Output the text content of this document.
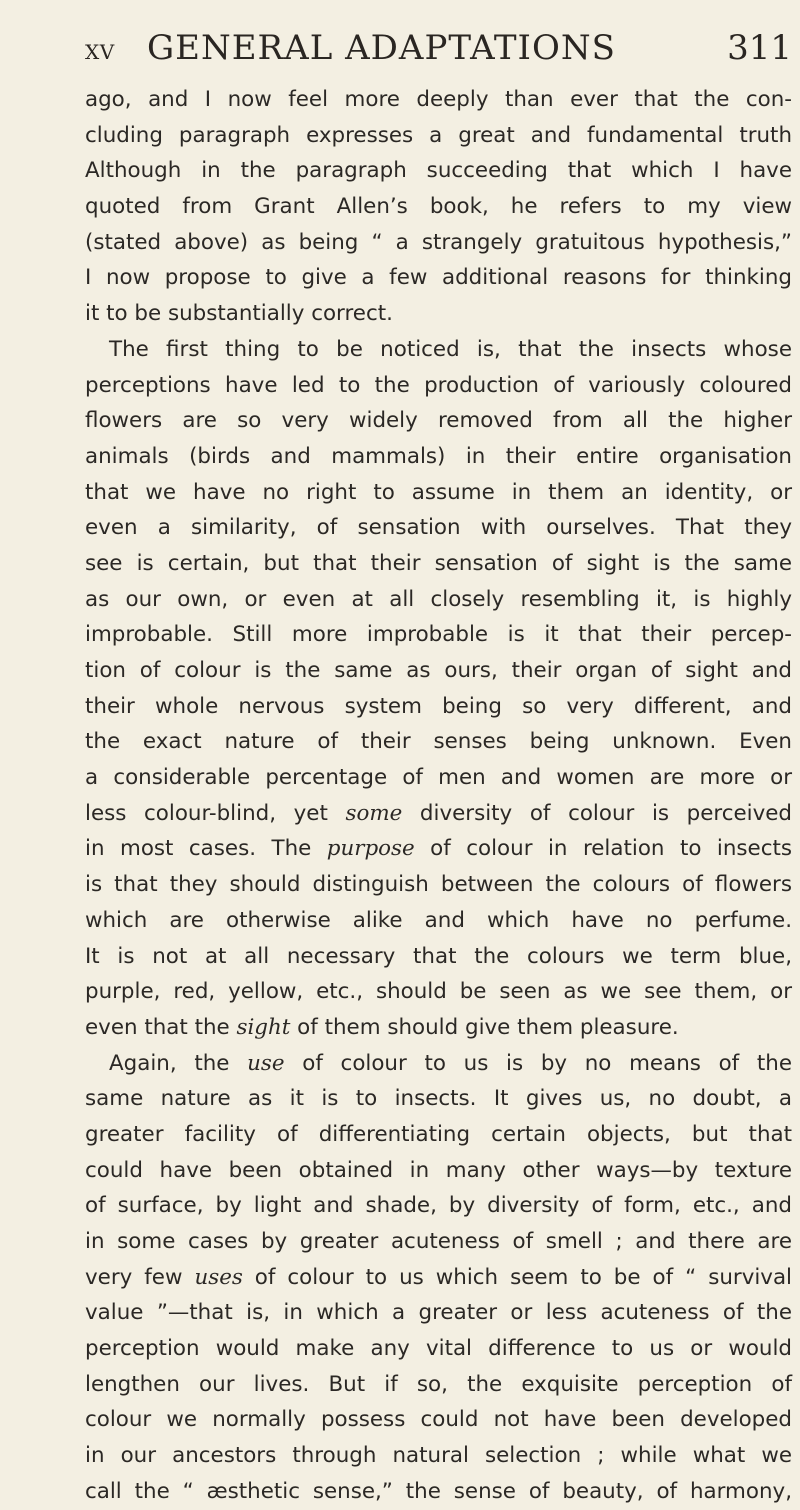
XV GENERAL ADAPTATIONS	311
ago, and I now feel more deeply than ever that the con-
cluding paragraph expresses a great and fundamental truth
Although in the paragraph succeeding that which I have
quoted from Grant Allen’s book, he refers to my view
(stated above) as being “ a strangely gratuitous hypothesis,”
I now propose to give a few additional reasons for thinking
it to be substantially correct.
The first thing to be noticed is, that the insects whose
perceptions have led to the production of variously coloured
flowers are so very widely removed from all the higher
animals (birds and mammals) in their entire organisation
that we have no right to assume in them an identity, or
even a similarity, of sensation with ourselves. That they
see is certain, but that their sensation of sight is the same
as our own, or even at all closely resembling it, is highly
improbable. Still more improbable is it that their percep-
tion of colour is the same as ours, their organ of sight and
their whole nervous system being so very different, and
the exact nature of their senses being unknown. Even
a considerable percentage of men and women are more or
less colour-blind, yet some diversity of colour is perceived
in most cases. The purpose of colour in relation to insects
is that they should distinguish between the colours of flowers
which are otherwise alike and which have no perfume.
It is not at all necessary that the colours we term blue,
purple, red, yellow, etc., should be seen as we see them, or
even that the sight of them should give them pleasure.
Again, the use of colour to us is by no means of the
same nature as it is to insects. It gives us, no doubt, a
greater facility of differentiating certain objects, but that
could have been obtained in many other ways—by texture
of surface, by light and shade, by diversity of form, etc., and
in some cases by greater acuteness of smell ; and there are
very few uses of colour to us which seem to be of “ survival
value ”—that is, in which a greater or less acuteness of the
perception would make any vital difference to us or would
lengthen our lives. But if so, the exquisite perception of
colour we normally possess could not have been developed
in our ancestors through natural selection ; while what we
call the “ æsthetic sense,” the sense of beauty, of harmony,
